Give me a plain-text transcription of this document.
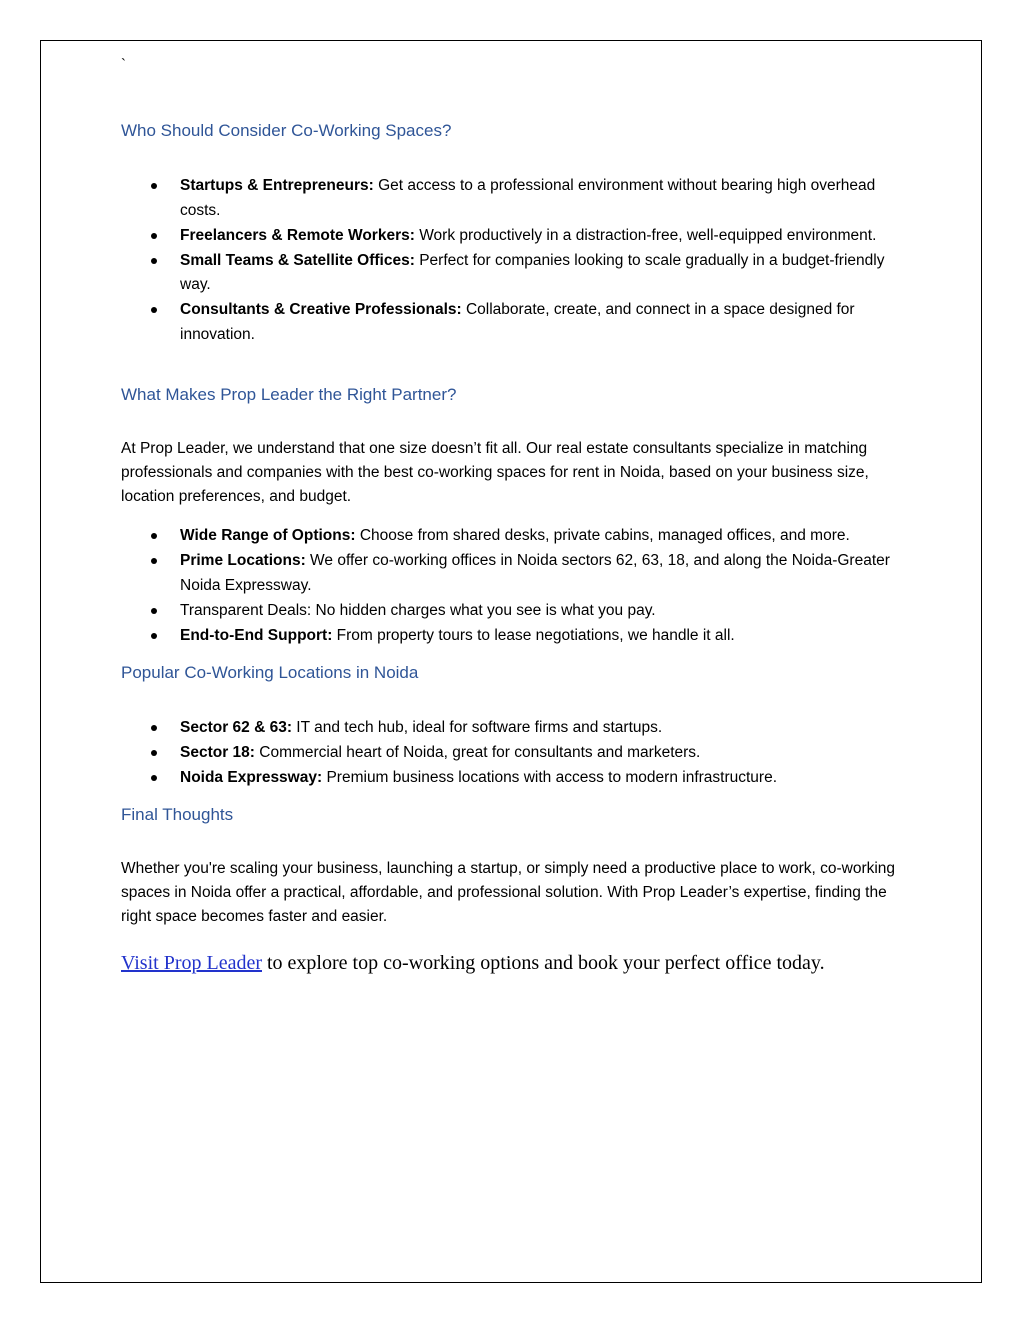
`
Who Should Consider Co-Working Spaces?
Startups & Entrepreneurs: Get access to a professional environment without bearing high overhead costs.
Freelancers & Remote Workers: Work productively in a distraction-free, well-equipped environment.
Small Teams & Satellite Offices: Perfect for companies looking to scale gradually in a budget-friendly way.
Consultants & Creative Professionals: Collaborate, create, and connect in a space designed for innovation.
What Makes Prop Leader the Right Partner?

At Prop Leader, we understand that one size doesn’t fit all. Our real estate consultants specialize in matching professionals and companies with the best co-working spaces for rent in Noida, based on your business size, location preferences, and budget.

Wide Range of Options: Choose from shared desks, private cabins, managed offices, and more.
Prime Locations: We offer co-working offices in Noida sectors 62, 63, 18, and along the Noida-Greater Noida Expressway.
Transparent Deals: No hidden charges what you see is what you pay.
End-to-End Support: From property tours to lease negotiations, we handle it all.
Popular Co-Working Locations in Noida
Sector 62 & 63: IT and tech hub, ideal for software firms and startups.
Sector 18: Commercial heart of Noida, great for consultants and marketers.
Noida Expressway: Premium business locations with access to modern infrastructure.
Final Thoughts

Whether you're scaling your business, launching a startup, or simply need a productive place to work, co-working spaces in Noida offer a practical, affordable, and professional solution. With Prop Leader’s expertise, finding the right space becomes faster and easier.

Visit Prop Leader to explore top co-working options and book your perfect office today.
